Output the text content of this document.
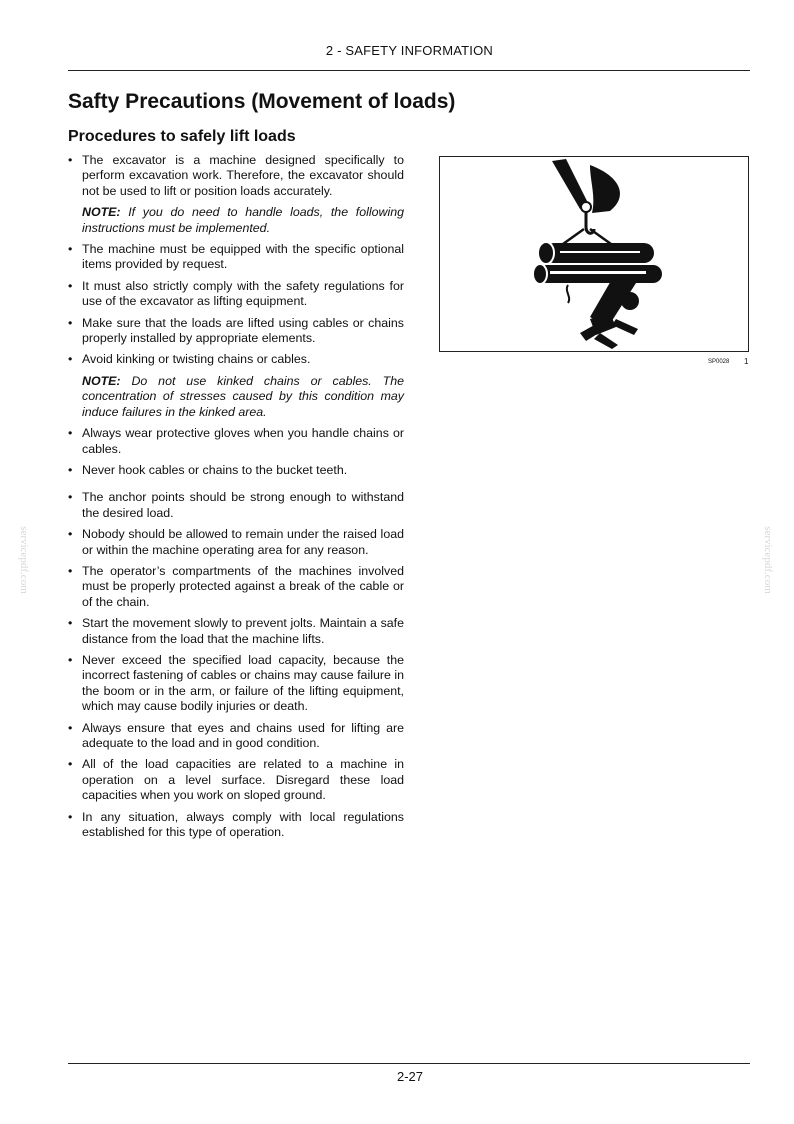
2 - SAFETY INFORMATION
Safty Precautions (Movement of loads)
Procedures to safely lift loads
• The excavator is a machine designed specifically to perform excavation work. Therefore, the excavator should not be used to lift or position loads accurately.
NOTE: If you do need to handle loads, the following instructions must be implemented.
• The machine must be equipped with the specific optional items provided by request.
• It must also strictly comply with the safety regulations for use of the excavator as lifting equipment.
• Make sure that the loads are lifted using cables or chains properly installed by appropriate elements.
• Avoid kinking or twisting chains or cables.
NOTE: Do not use kinked chains or cables. The concentration of stresses caused by this condition may induce failures in the kinked area.
• Always wear protective gloves when you handle chains or cables.
• Never hook cables or chains to the bucket teeth.
• The anchor points should be strong enough to withstand the desired load.
• Nobody should be allowed to remain under the raised load or within the machine operating area for any reason.
• The operator’s compartments of the machines involved must be properly protected against a break of the cable or of the chain.
• Start the movement slowly to prevent jolts. Maintain a safe distance from the load that the machine lifts.
• Never exceed the specified load capacity, because the incorrect fastening of cables or chains may cause failure in the boom or in the arm, or failure of the lifting equipment, which may cause bodily injuries or death.
• Always ensure that eyes and chains used for lifting are adequate to the load and in good condition.
• All of the load capacities are related to a machine in operation on a level surface. Disregard these load capacities when you work on sloped ground.
• In any situation, always comply with local regulations established for this type of operation.
SP0028 1
servicepdf.com	servicepdf.com
2-27
